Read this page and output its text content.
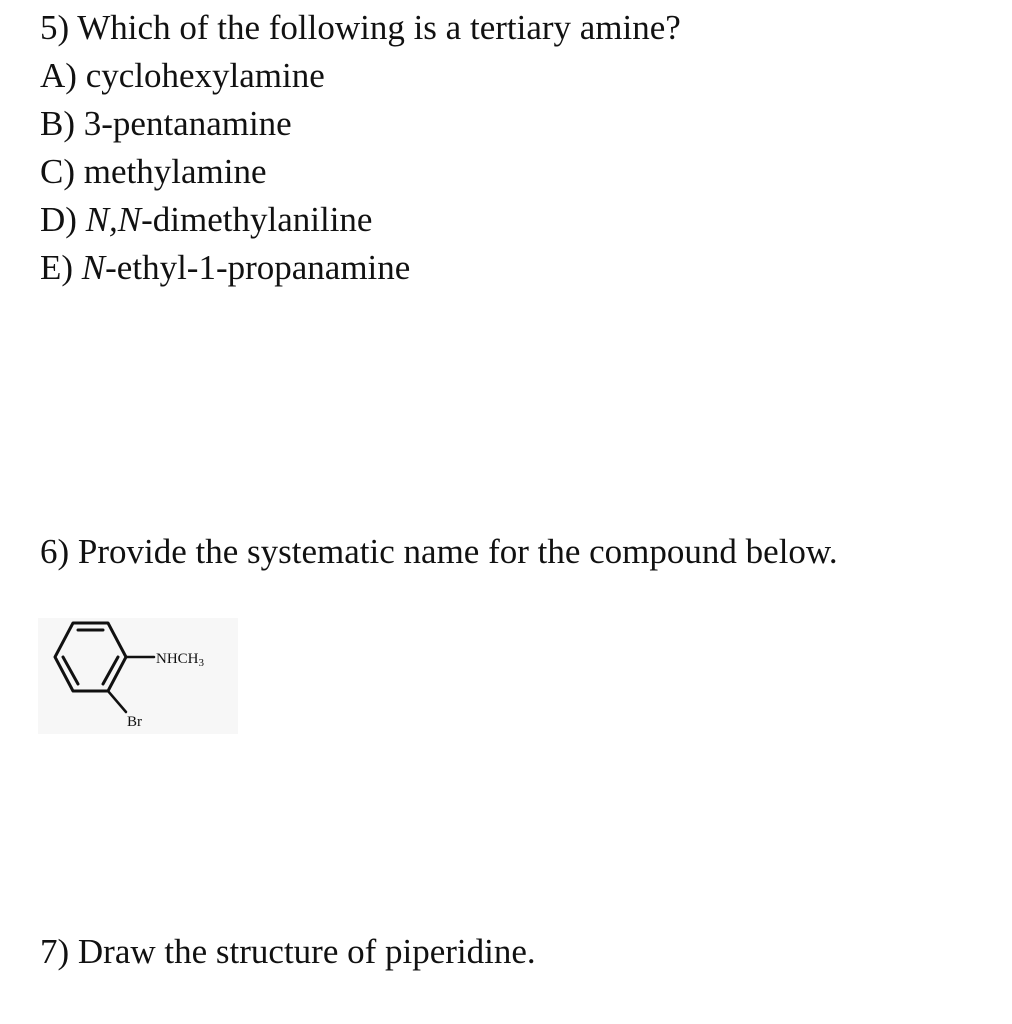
5) Which of the following is a tertiary amine?
A) cyclohexylamine
B) 3-pentanamine
C) methylamine
D) N,N-dimethylaniline
E) N-ethyl-1-propanamine
6) Provide the systematic name for the compound below.
$NHCH_3$
Br
7) Draw the structure of piperidine.
